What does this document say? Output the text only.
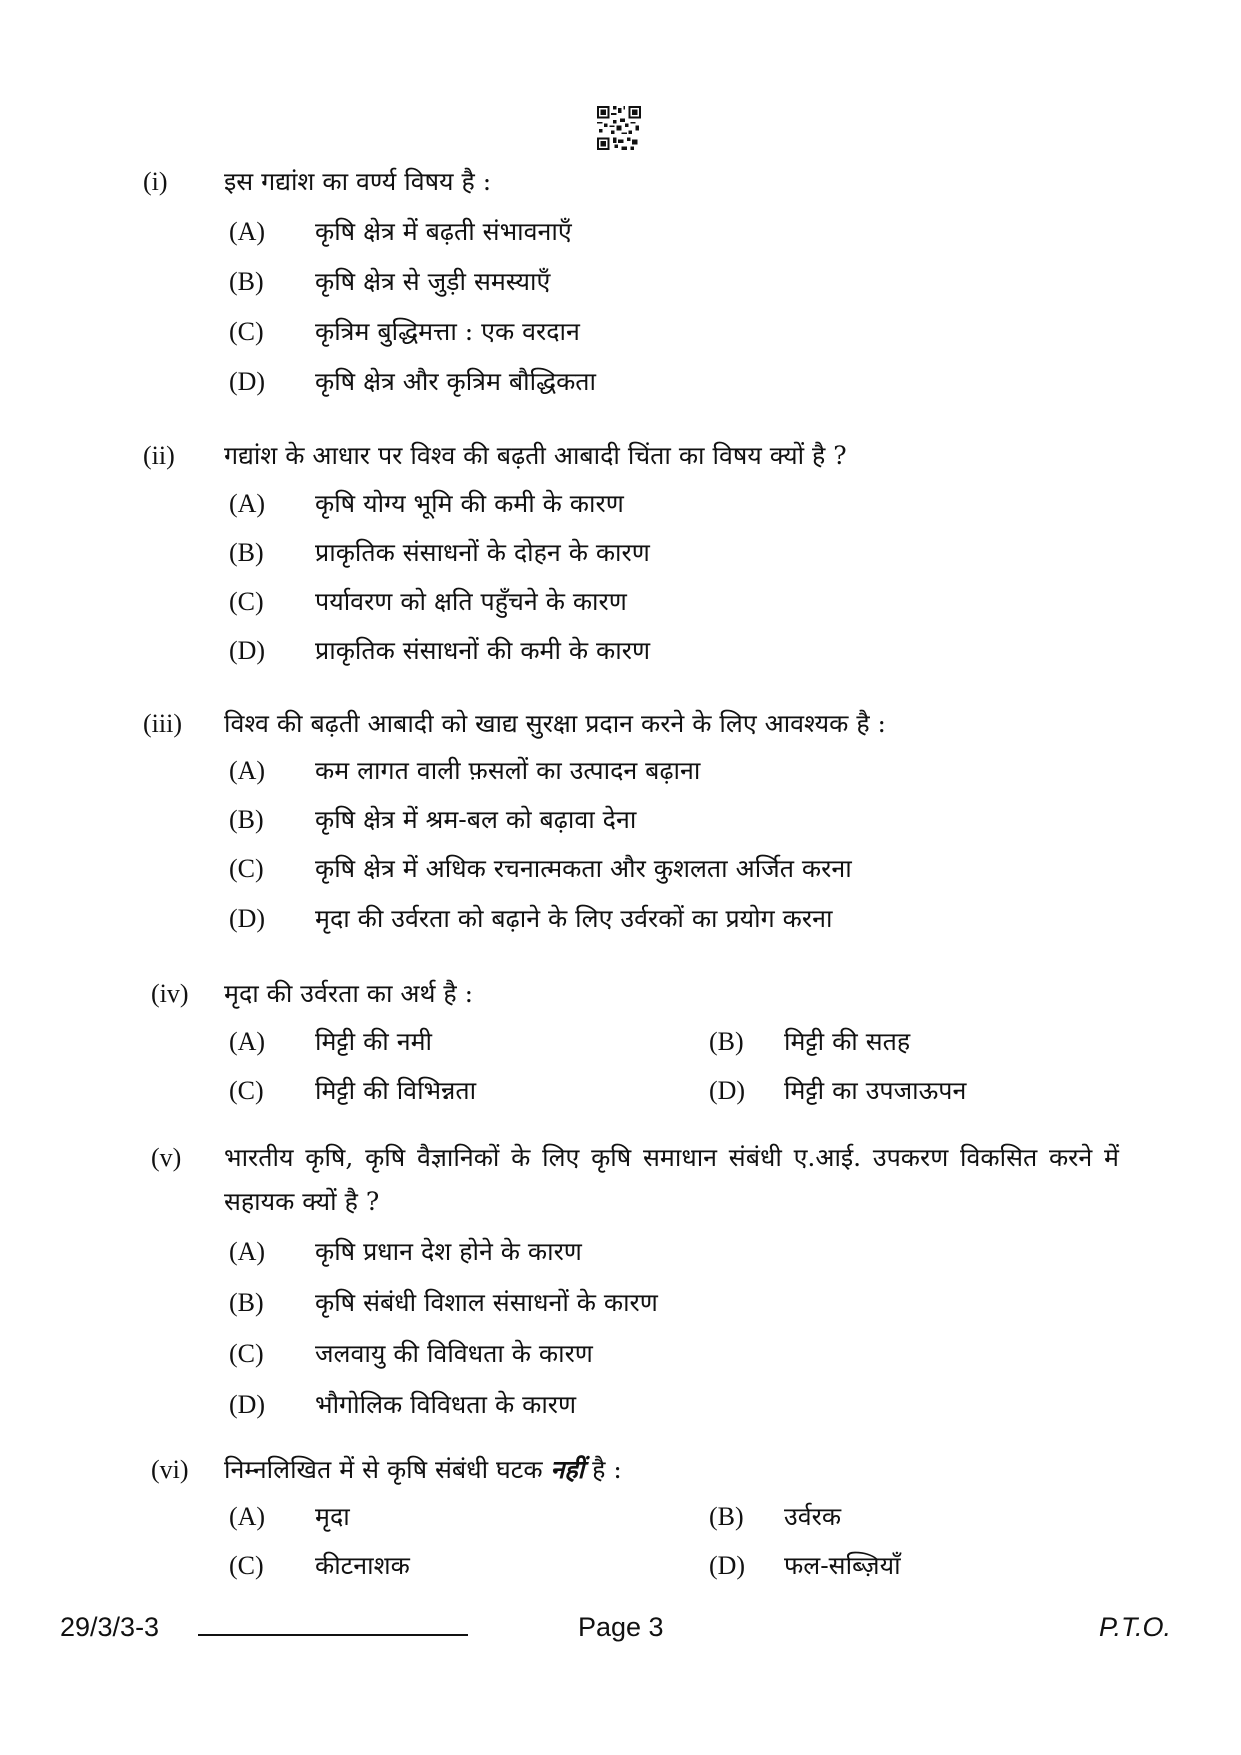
(i) इस गद्यांश का वर्ण्य विषय है :
(A) कृषि क्षेत्र में बढ़ती संभावनाएँ
(B) कृषि क्षेत्र से जुड़ी समस्याएँ
(C) कृत्रिम बुद्धिमत्ता : एक वरदान
(D) कृषि क्षेत्र और कृत्रिम बौद्धिकता
(ii) गद्यांश के आधार पर विश्व की बढ़ती आबादी चिंता का विषय क्यों है ?
(A) कृषि योग्य भूमि की कमी के कारण
(B) प्राकृतिक संसाधनों के दोहन के कारण
(C) पर्यावरण को क्षति पहुँचने के कारण
(D) प्राकृतिक संसाधनों की कमी के कारण
(iii) विश्व की बढ़ती आबादी को खाद्य सुरक्षा प्रदान करने के लिए आवश्यक है :
(A) कम लागत वाली फ़सलों का उत्पादन बढ़ाना
(B) कृषि क्षेत्र में श्रम-बल को बढ़ावा देना
(C) कृषि क्षेत्र में अधिक रचनात्मकता और कुशलता अर्जित करना
(D) मृदा की उर्वरता को बढ़ाने के लिए उर्वरकों का प्रयोग करना
(iv) मृदा की उर्वरता का अर्थ है :
(A) मिट्टी की नमी	(B) मिट्टी की सतह
(C) मिट्टी की विभिन्नता	(D) मिट्टी का उपजाऊपन
(v) भारतीय कृषि, कृषि वैज्ञानिकों के लिए कृषि समाधान संबंधी ए.आई. उपकरण विकसित करने में सहायक क्यों है ?
(A) कृषि प्रधान देश होने के कारण
(B) कृषि संबंधी विशाल संसाधनों के कारण
(C) जलवायु की विविधता के कारण
(D) भौगोलिक विविधता के कारण
(vi) निम्नलिखित में से कृषि संबंधी घटक नहीं है :
(A) मृदा	(B) उर्वरक
(C) कीटनाशक	(D) फल-सब्ज़ियाँ
29/3/3-3	Page 3	P.T.O.
